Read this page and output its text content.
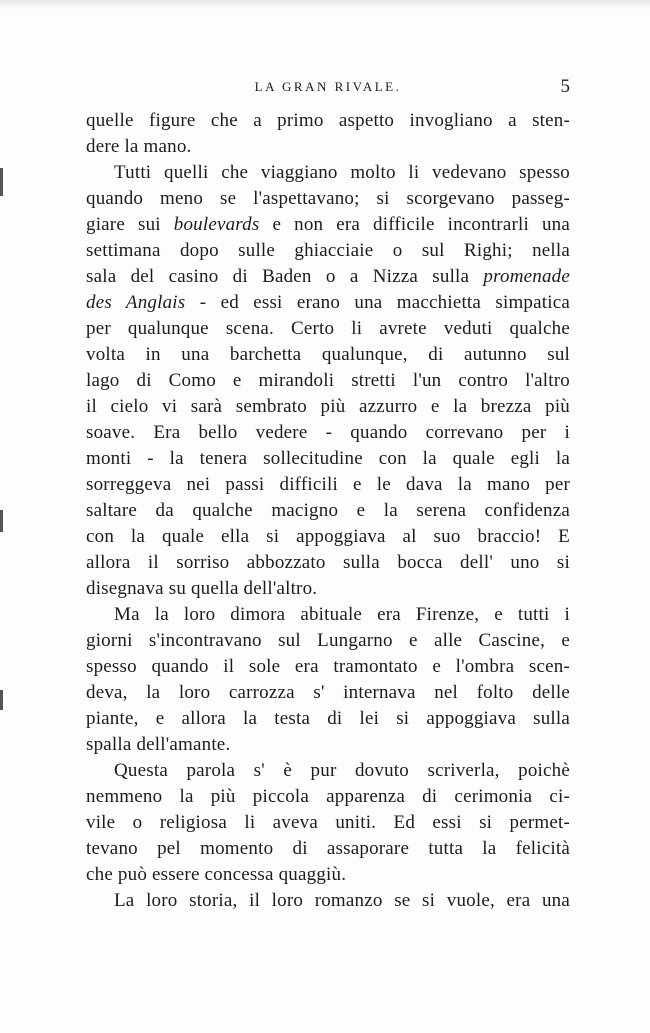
LA GRAN RIVALE.	5
quelle figure che a primo aspetto invogliano a sten-
dere la mano.
Tutti quelli che viaggiano molto li vedevano spesso
quando meno se l'aspettavano; si scorgevano passeg-
giare sui boulevards e non era difficile incontrarli una
settimana dopo sulle ghiacciaie o sul Righi; nella
sala del casino di Baden o a Nizza sulla promenade
des Anglais - ed essi erano una macchietta simpatica
per qualunque scena. Certo li avrete veduti qualche
volta in una barchetta qualunque, di autunno sul
lago di Como e mirandoli stretti l'un contro l'altro
il cielo vi sarà sembrato più azzurro e la brezza più
soave. Era bello vedere - quando correvano per i
monti - la tenera sollecitudine con la quale egli la
sorreggeva nei passi difficili e le dava la mano per
saltare da qualche macigno e la serena confidenza
con la quale ella si appoggiava al suo braccio! E
allora il sorriso abbozzato sulla bocca dell' uno si
disegnava su quella dell'altro.
Ma la loro dimora abituale era Firenze, e tutti i
giorni s'incontravano sul Lungarno e alle Cascine, e
spesso quando il sole era tramontato e l'ombra scen-
deva, la loro carrozza s' internava nel folto delle
piante, e allora la testa di lei si appoggiava sulla
spalla dell'amante.
Questa parola s' è pur dovuto scriverla, poichè
nemmeno la più piccola apparenza di cerimonia ci-
vile o religiosa li aveva uniti. Ed essi si permet-
tevano pel momento di assaporare tutta la felicità
che può essere concessa quaggiù.
La loro storia, il loro romanzo se si vuole, era una
